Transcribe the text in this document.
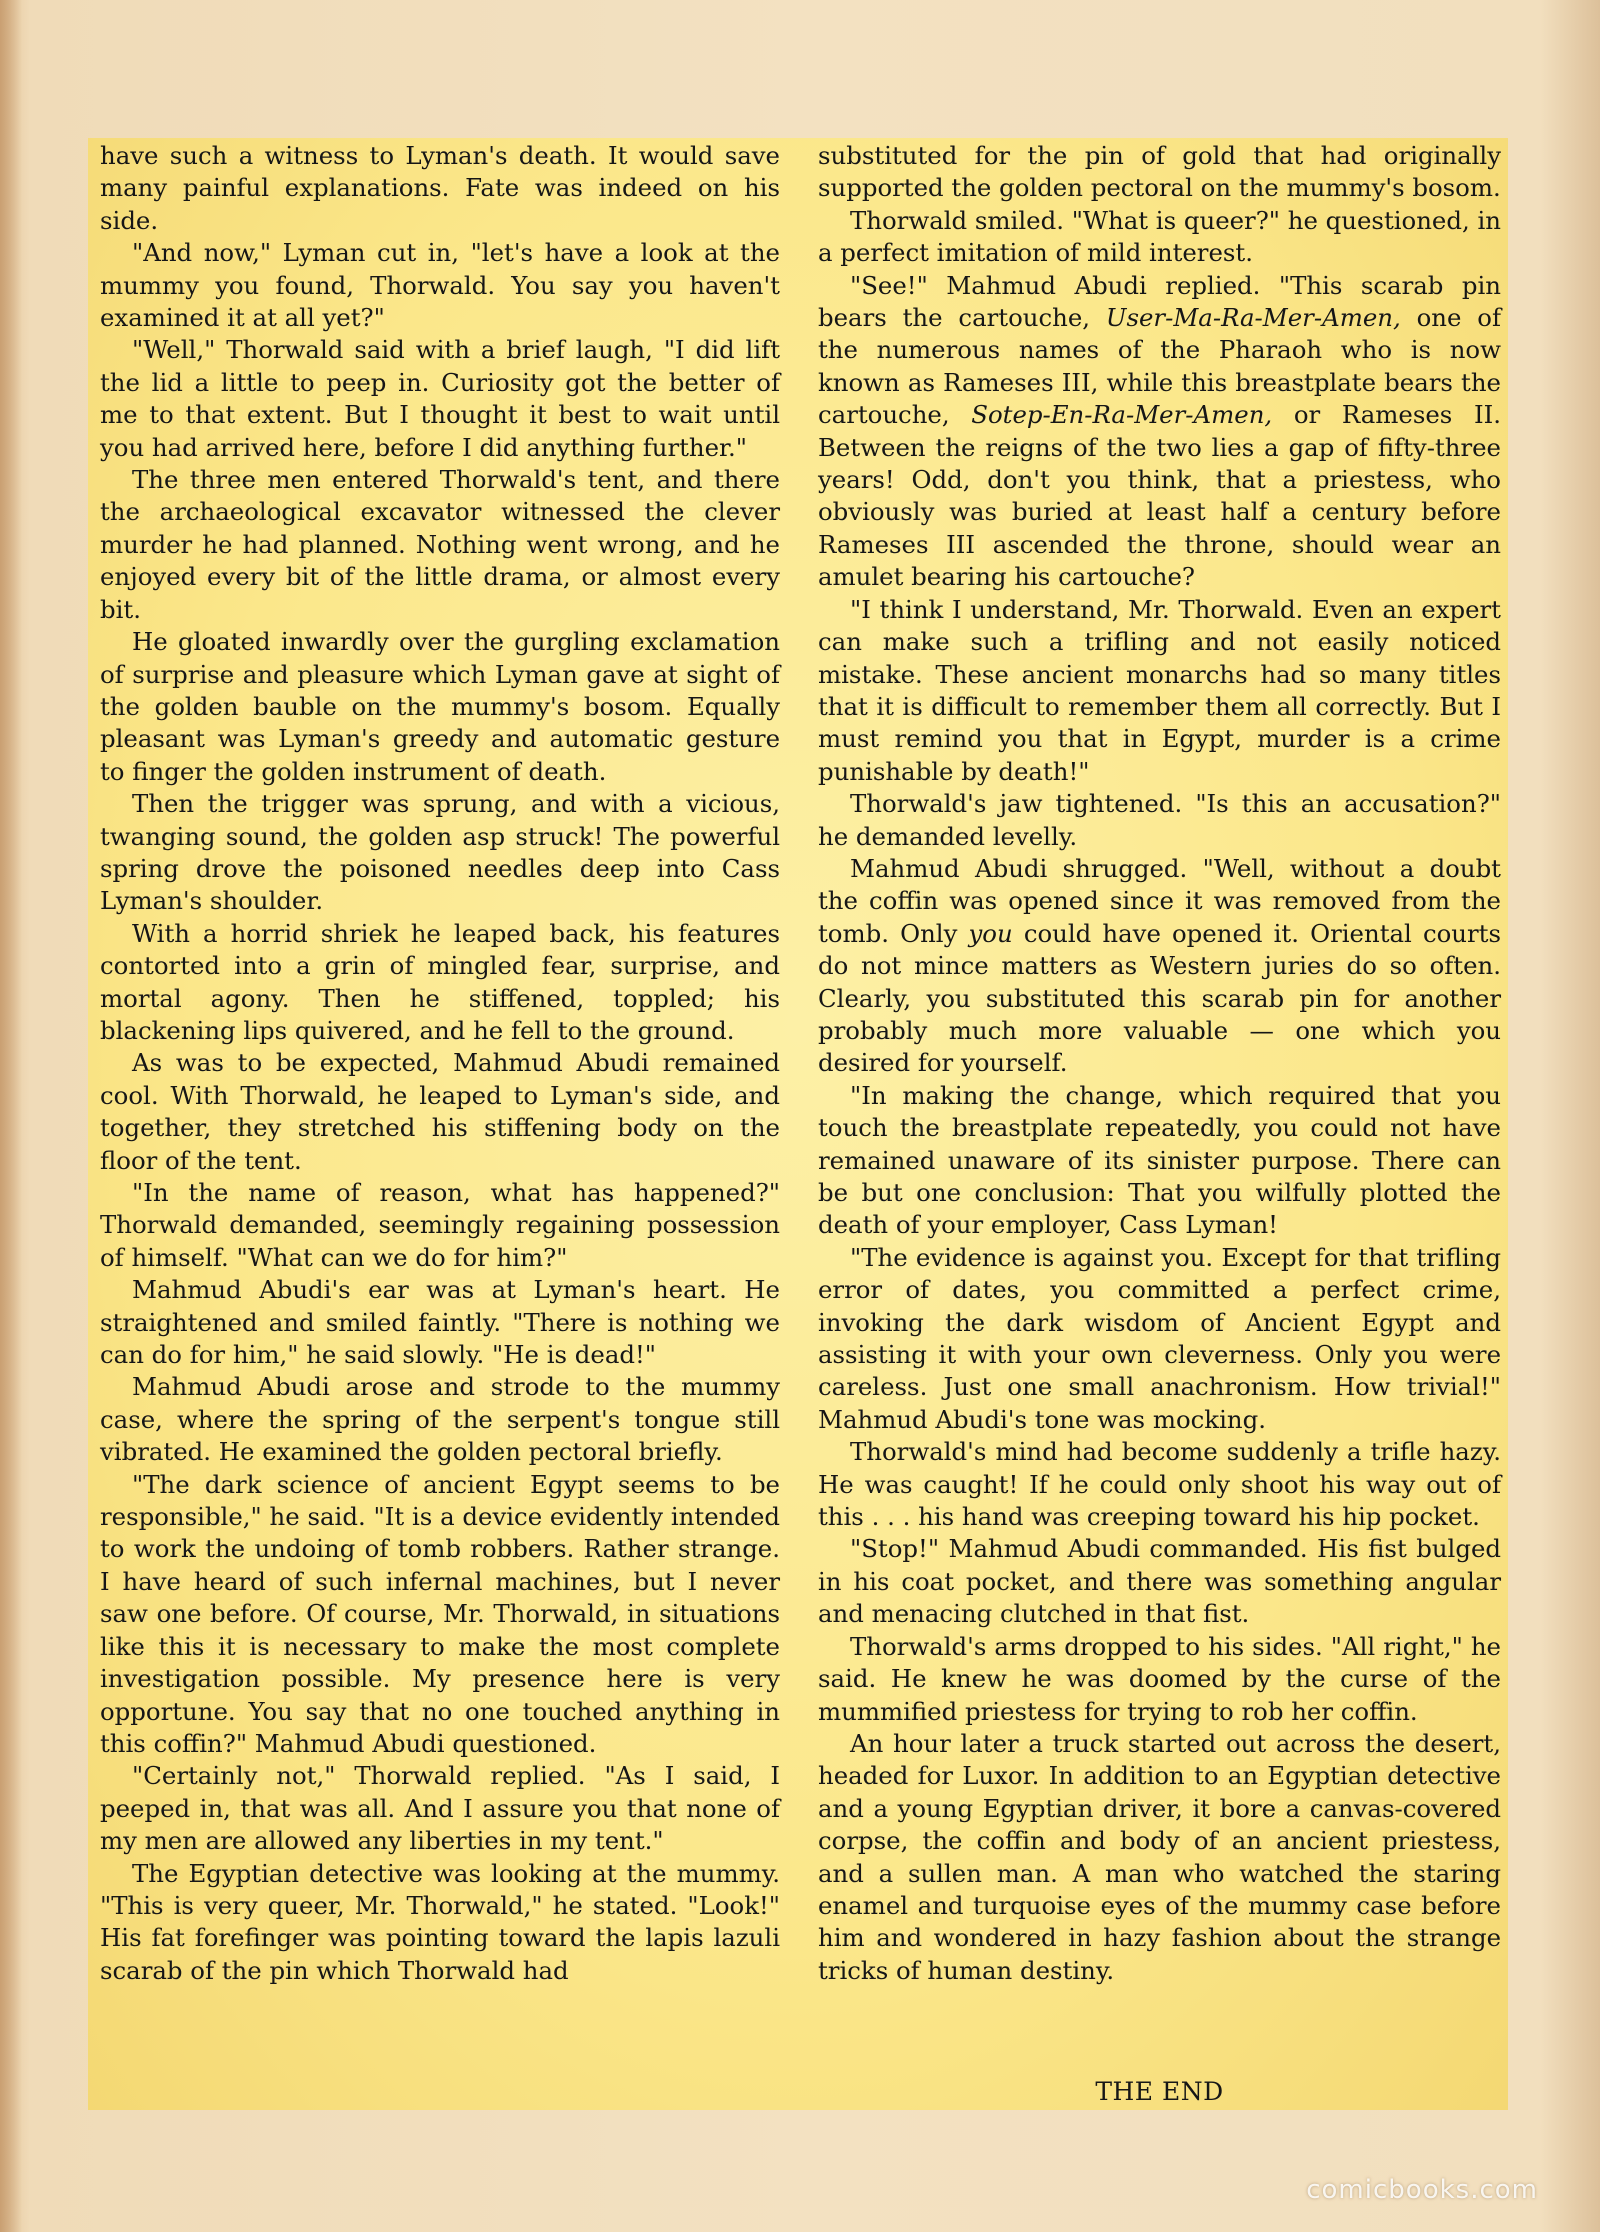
have such a witness to Lyman's death. It would save many painful explanations. Fate was indeed on his side.

"And now," Lyman cut in, "let's have a look at the mummy you found, Thorwald. You say you haven't examined it at all yet?"

"Well," Thorwald said with a brief laugh, "I did lift the lid a little to peep in. Curiosity got the better of me to that extent. But I thought it best to wait until you had arrived here, before I did anything further."

The three men entered Thorwald's tent, and there the archaeological excavator witnessed the clever murder he had planned. Nothing went wrong, and he enjoyed every bit of the little drama, or almost every bit.

He gloated inwardly over the gurgling exclamation of surprise and pleasure which Lyman gave at sight of the golden bauble on the mummy's bosom. Equally pleasant was Lyman's greedy and automatic gesture to finger the golden instrument of death.

Then the trigger was sprung, and with a vicious, twanging sound, the golden asp struck! The powerful spring drove the poisoned needles deep into Cass Lyman's shoulder.

With a horrid shriek he leaped back, his features contorted into a grin of mingled fear, surprise, and mortal agony. Then he stiffened, toppled; his blackening lips quivered, and he fell to the ground.

As was to be expected, Mahmud Abudi remained cool. With Thorwald, he leaped to Lyman's side, and together, they stretched his stiffening body on the floor of the tent.

"In the name of reason, what has happened?" Thorwald demanded, seemingly regaining possession of himself. "What can we do for him?"

Mahmud Abudi's ear was at Lyman's heart. He straightened and smiled faintly. "There is nothing we can do for him," he said slowly. "He is dead!"

Mahmud Abudi arose and strode to the mummy case, where the spring of the serpent's tongue still vibrated. He examined the golden pectoral briefly.

"The dark science of ancient Egypt seems to be responsible," he said. "It is a device evidently intended to work the undoing of tomb robbers. Rather strange. I have heard of such infernal machines, but I never saw one before. Of course, Mr. Thorwald, in situations like this it is necessary to make the most complete investigation possible. My presence here is very opportune. You say that no one touched anything in this coffin?" Mahmud Abudi questioned.

"Certainly not," Thorwald replied. "As I said, I peeped in, that was all. And I assure you that none of my men are allowed any liberties in my tent."

The Egyptian detective was looking at the mummy. "This is very queer, Mr. Thorwald," he stated. "Look!" His fat forefinger was pointing toward the lapis lazuli scarab of the pin which Thorwald had

substituted for the pin of gold that had originally supported the golden pectoral on the mummy's bosom.

Thorwald smiled. "What is queer?" he questioned, in a perfect imitation of mild interest.

"See!" Mahmud Abudi replied. "This scarab pin bears the cartouche, User-Ma-Ra-Mer-Amen, one of the numerous names of the Pharaoh who is now known as Rameses III, while this breastplate bears the cartouche, Sotep-En-Ra-Mer-Amen, or Rameses II. Between the reigns of the two lies a gap of fifty-three years! Odd, don't you think, that a priestess, who obviously was buried at least half a century before Rameses III ascended the throne, should wear an amulet bearing his cartouche?

"I think I understand, Mr. Thorwald. Even an expert can make such a trifling and not easily noticed mistake. These ancient monarchs had so many titles that it is difficult to remember them all correctly. But I must remind you that in Egypt, murder is a crime punishable by death!"

Thorwald's jaw tightened. "Is this an accusation?" he demanded levelly.

Mahmud Abudi shrugged. "Well, without a doubt the coffin was opened since it was removed from the tomb. Only you could have opened it. Oriental courts do not mince matters as Western juries do so often. Clearly, you substituted this scarab pin for another probably much more valuable — one which you desired for yourself.

"In making the change, which required that you touch the breastplate repeatedly, you could not have remained unaware of its sinister purpose. There can be but one conclusion: That you wilfully plotted the death of your employer, Cass Lyman!

"The evidence is against you. Except for that trifling error of dates, you committed a perfect crime, invoking the dark wisdom of Ancient Egypt and assisting it with your own cleverness. Only you were careless. Just one small anachronism. How trivial!" Mahmud Abudi's tone was mocking.

Thorwald's mind had become suddenly a trifle hazy. He was caught! If he could only shoot his way out of this . . . his hand was creeping toward his hip pocket.

"Stop!" Mahmud Abudi commanded. His fist bulged in his coat pocket, and there was something angular and menacing clutched in that fist.

Thorwald's arms dropped to his sides. "All right," he said. He knew he was doomed by the curse of the mummified priestess for trying to rob her coffin.

An hour later a truck started out across the desert, headed for Luxor. In addition to an Egyptian detective and a young Egyptian driver, it bore a canvas-covered corpse, the coffin and body of an ancient priestess, and a sullen man. A man who watched the staring enamel and turquoise eyes of the mummy case before him and wondered in hazy fashion about the strange tricks of human destiny.

THE END
comicbooks.com
